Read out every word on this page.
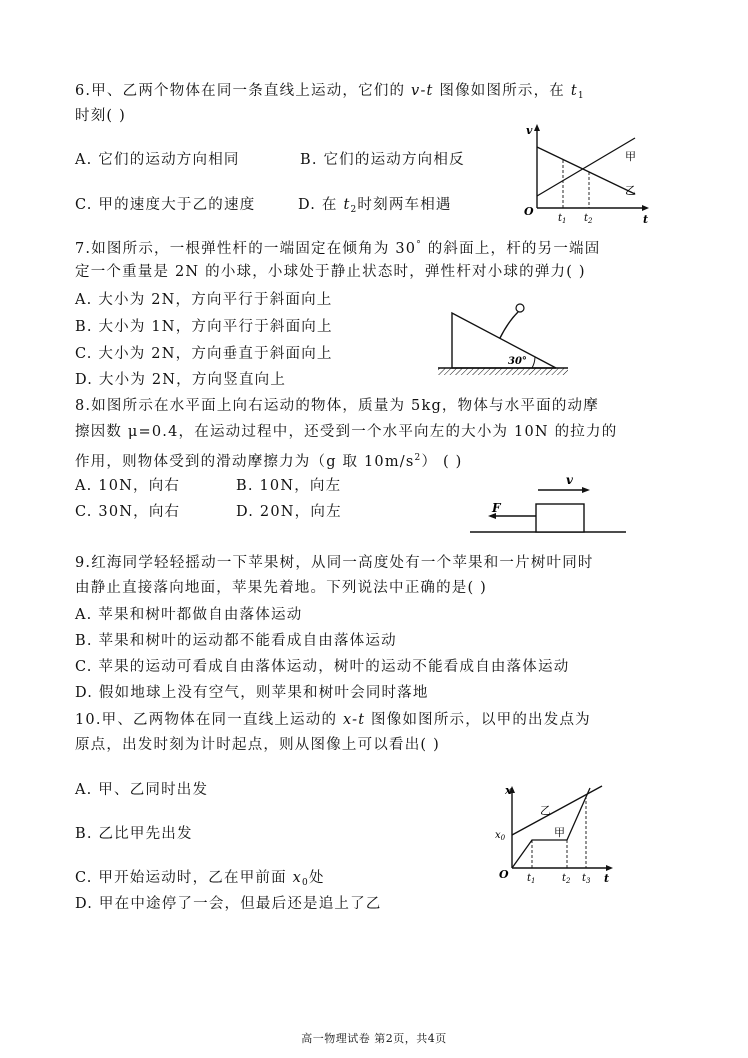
6.甲、乙两个物体在同一条直线上运动，它们的 v-t 图像如图所示，在 $t_1$
时刻( )
A. 它们的运动方向相同	B. 它们的运动方向相反
C. 甲的速度大于乙的速度	D. 在 $t_2$时刻两车相遇
v
t
O
$t_1$ $t_2$
甲
乙
7.如图所示，一根弹性杆的一端固定在倾角为 30° 的斜面上，杆的另一端固
定一个重量是 2N 的小球，小球处于静止状态时，弹性杆对小球的弹力( )
A. 大小为 2N，方向平行于斜面向上
B. 大小为 1N，方向平行于斜面向上
C. 大小为 2N，方向垂直于斜面向上
D. 大小为 2N，方向竖直向上
30°
8.如图所示在水平面上向右运动的物体，质量为 5kg，物体与水平面的动摩
擦因数 μ=0.4，在运动过程中，还受到一个水平向左的大小为 10N 的拉力的
作用，则物体受到的滑动摩擦力为（g 取 $10m/s^2$） ( )
A. 10N，向右	B. 10N，向左
C. 30N，向右	D. 20N，向左	F
v
9.红海同学轻轻摇动一下苹果树，从同一高度处有一个苹果和一片树叶同时
由静止直接落向地面，苹果先着地。下列说法中正确的是( )
A. 苹果和树叶都做自由落体运动
B. 苹果和树叶的运动都不能看成自由落体运动
C. 苹果的运动可看成自由落体运动，树叶的运动不能看成自由落体运动
D. 假如地球上没有空气，则苹果和树叶会同时落地
10.甲、乙两物体在同一直线上运动的 x-t 图像如图所示，以甲的出发点为
原点，出发时刻为计时起点，则从图像上可以看出( )
A. 甲、乙同时出发
B. 乙比甲先出发
C. 甲开始运动时，乙在甲前面 $x_0$处
D. 甲在中途停了一会，但最后还是追上了乙
x
t
O
$x_0$
乙
甲
$t_1$	$t_2$ $t_3$
高一物理试卷 第2页，共4页
